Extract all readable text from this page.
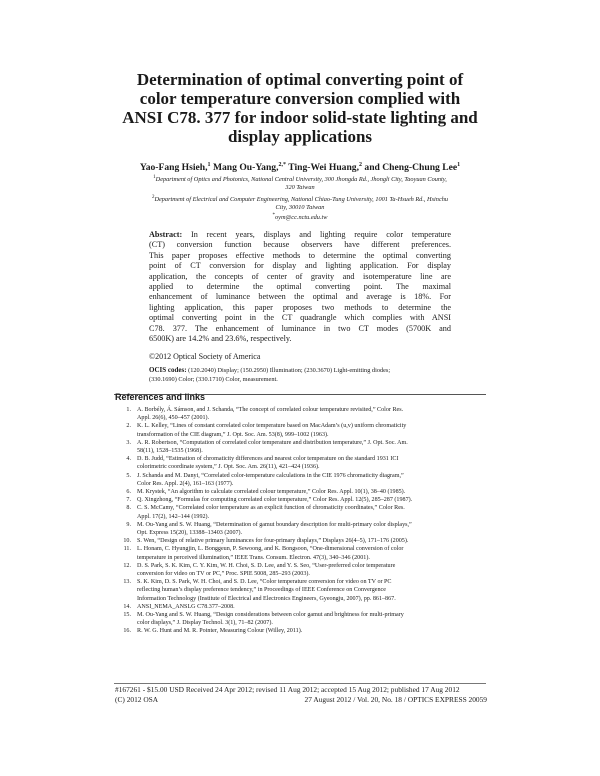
Determination of optimal converting point of
color temperature conversion complied with
ANSI C78. 377 for indoor solid-state lighting and
display applications
Yao-Fang Hsieh,$^1$ Mang Ou-Yang,$^{2,*}$ Ting-Wei Huang,$^2$ and Cheng-Chung Lee$^1$
$^1$Department of Optics and Photonics, National Central University, 300 Jhongda Rd., Jhongli City, Taoyuan County,
320 Taiwan
$^2$Department of Electrical and Computer Engineering, National Chiao-Tung University, 1001 Ta-Hsueh Rd., Hsinchu
City, 30010 Taiwan
*oym@cc.nctu.edu.tw
Abstract: In recent years, displays and lighting require color temperature
(CT) conversion function because observers have different preferences.
This paper proposes effective methods to determine the optimal converting
point of CT conversion for display and lighting application. For display
application, the concepts of center of gravity and isotemperature line are
applied to determine the optimal converting point. The maximal
enhancement of luminance between the optimal and average is 18%. For
lighting application, this paper proposes two methods to determine the
optimal converting point in the CT quadrangle which complies with ANSI
C78. 377. The enhancement of luminance in two CT modes (5700K and
6500K) are 14.2% and 23.6%, respectively.
©2012 Optical Society of America
OCIS codes: (120.2040) Display; (150.2950) Illumination; (230.3670) Light-emitting diodes;
(330.1690) Color; (330.1710) Color, measurement.
References and links
1. A. Borbély, Á. Sámson, and J. Schanda, “The concept of correlated colour temperature revisited,” Color Res.
Appl. 26(6), 450–457 (2001).
2. K. L. Kelley, “Lines of constant correlated color temperature based on MacAdam’s (u,v) uniform chromaticity
transformation of the CIE diagram,” J. Opt. Soc. Am. 53(8), 999–1002 (1963).
3. A. R. Robertson, “Computation of correlated color temperature and distribution temperature,” J. Opt. Soc. Am.
58(11), 1528–1535 (1968).
4. D. B. Judd, “Estimation of chromaticity differences and nearest color temperature on the standard 1931 ICI
colorimetric coordinate system,” J. Opt. Soc. Am. 26(11), 421–424 (1936).
5. J. Schanda and M. Danyi, “Correlated color-temperature calculations in the CIE 1976 chromaticity diagram,”
Color Res. Appl. 2(4), 161–163 (1977).
6. M. Krystek, “An algorithm to calculate correlated colour temperature,” Color Res. Appl. 10(1), 38–40 (1985).
7. Q. Xingzhong, “Formulas for computing correlated color temperature,” Color Res. Appl. 12(5), 285–287 (1987).
8. C. S. McCamy, “Correlated color temperature as an explicit function of chromaticity coordinates,” Color Res.
Appl. 17(2), 142–144 (1992).
9. M. Ou-Yang and S. W. Huang, “Determination of gamut boundary description for multi-primary color displays,”
Opt. Express 15(20), 13388–13403 (2007).
10. S. Wen, “Design of relative primary luminances for four-primary displays,” Displays 26(4–5), 171–176 (2005).
11. L. Honam, C. Hyungjin, L. Bonggeun, P. Sewoong, and K. Bongsoon, “One-dimensional conversion of color
temperature in perceived illumination,” IEEE Trans. Consum. Electron. 47(3), 340–346 (2001).
12. D. S. Park, S. K. Kim, C. Y. Kim, W. H. Choi, S. D. Lee, and Y. S. Seo, “User-preferred color temperature
conversion for video on TV or PC,” Proc. SPIE 5008, 285–293 (2003).
13. S. K. Kim, D. S. Park, W. H. Choi, and S. D. Lee, “Color temperature conversion for video on TV or PC
reflecting human’s display preference tendency,” in Proceedings of IEEE Conference on Convergence
Information Technology (Institute of Electrical and Electronics Engineers, Gyeongju, 2007), pp. 861–867.
14. ANSI_NEMA_ANSLG C78.377–2008.
15. M. Ou-Yang and S. W. Huang, “Design considerations between color gamut and brightness for multi-primary
color displays,” J. Display Technol. 3(1), 71–82 (2007).
16. R. W. G. Hunt and M. R. Pointer, Measuring Colour (Willey, 2011).
#167261 - $15.00 USD Received 24 Apr 2012; revised 11 Aug 2012; accepted 15 Aug 2012; published 17 Aug 2012
(C) 2012 OSA	27 August 2012 / Vol. 20, No. 18 / OPTICS EXPRESS 20059
